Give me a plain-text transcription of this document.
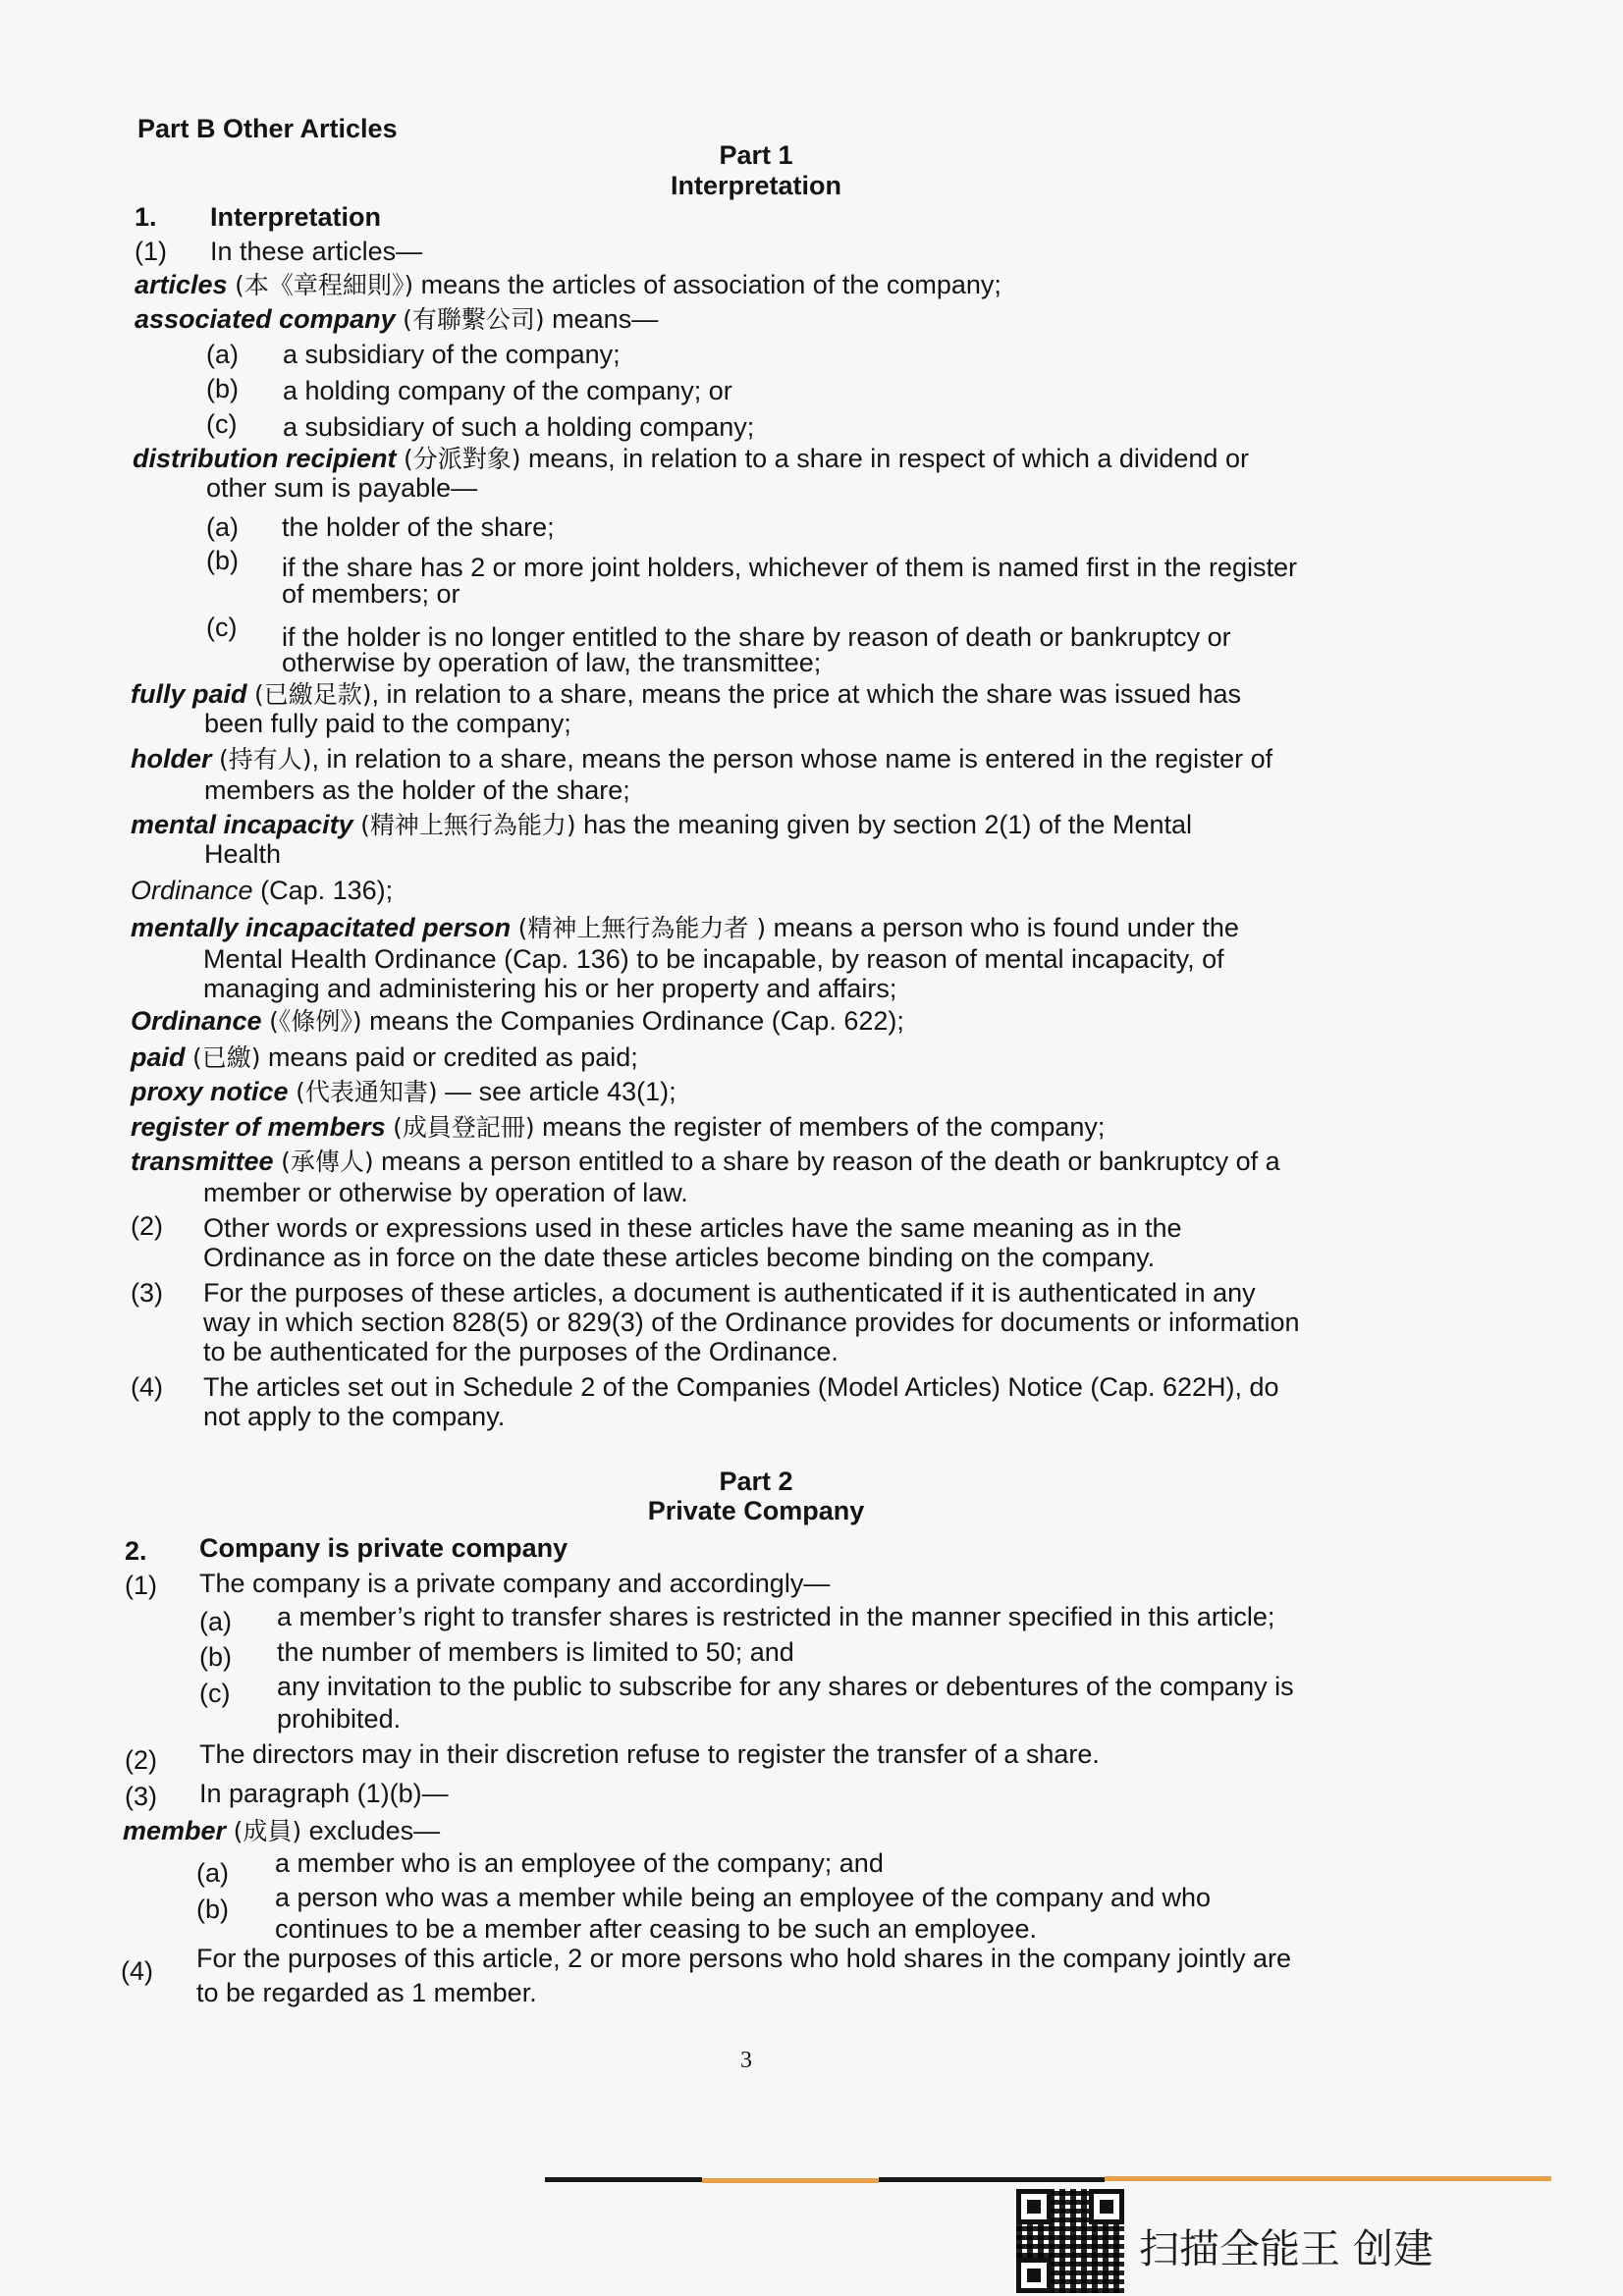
Part B Other Articles
Part 1
Interpretation
1. Interpretation
(1) In these articles—
articles (本《章程細則》) means the articles of association of the company;
associated company (有聯繫公司) means—
(a) a subsidiary of the company;
(b) a holding company of the company; or
(c) a subsidiary of such a holding company;
distribution recipient (分派對象) means, in relation to a share in respect of which a dividend or
other sum is payable—
(a) the holder of the share;
(b) if the share has 2 or more joint holders, whichever of them is named first in the register
of members; or
(c) if the holder is no longer entitled to the share by reason of death or bankruptcy or
otherwise by operation of law, the transmittee;
fully paid (已繳足款), in relation to a share, means the price at which the share was issued has
been fully paid to the company;
holder (持有人), in relation to a share, means the person whose name is entered in the register of
members as the holder of the share;
mental incapacity (精神上無行為能力) has the meaning given by section 2(1) of the Mental
Health
Ordinance (Cap. 136);
mentally incapacitated person (精神上無行為能力者 ) means a person who is found under the
Mental Health Ordinance (Cap. 136) to be incapable, by reason of mental incapacity, of
managing and administering his or her property and affairs;
Ordinance (《條例》) means the Companies Ordinance (Cap. 622);
paid (已繳) means paid or credited as paid;
proxy notice (代表通知書) — see article 43(1);
register of members (成員登記冊) means the register of members of the company;
transmittee (承傳人) means a person entitled to a share by reason of the death or bankruptcy of a
member or otherwise by operation of law.
(2) Other words or expressions used in these articles have the same meaning as in the
Ordinance as in force on the date these articles become binding on the company.
(3) For the purposes of these articles, a document is authenticated if it is authenticated in any
way in which section 828(5) or 829(3) of the Ordinance provides for documents or information
to be authenticated for the purposes of the Ordinance.
(4) The articles set out in Schedule 2 of the Companies (Model Articles) Notice (Cap. 622H), do
not apply to the company.
Part 2
Private Company
2. Company is private company
(1) The company is a private company and accordingly—
(a) a member’s right to transfer shares is restricted in the manner specified in this article;
(b) the number of members is limited to 50; and
(c) any invitation to the public to subscribe for any shares or debentures of the company is
prohibited.
(2) The directors may in their discretion refuse to register the transfer of a share.
(3) In paragraph (1)(b)—
member (成員) excludes—
(a) a member who is an employee of the company; and
(b) a person who was a member while being an employee of the company and who
continues to be a member after ceasing to be such an employee.
(4) For the purposes of this article, 2 or more persons who hold shares in the company jointly are
to be regarded as 1 member.
3
扫描全能王 创建
